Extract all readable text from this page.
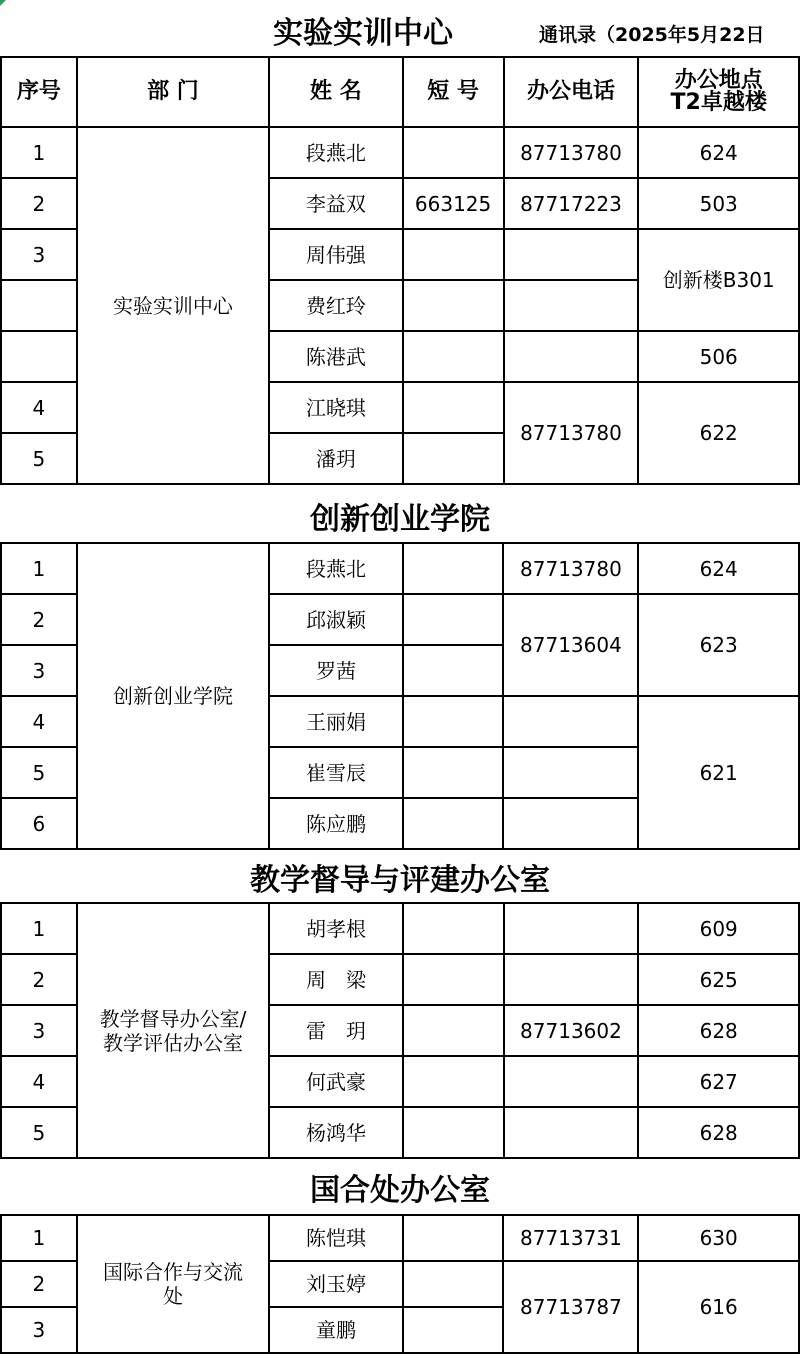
实验实训中心	通讯录（2025年5月22日
序号	部 门	姓 名	短 号	办公电话	办公地点
T2卓越楼

1	实验实训中心	段燕北		87713780	624
2		李益双	663125	87717223	503
3		周伟强			创新楼B301
		费红玲			
		陈港武			506
4		江晓琪		87713780	622
5		潘玥			
创新创业学院
1	创新创业学院	段燕北		87713780	624
2		邱淑颖		87713604	623
3		罗茜			
4		王丽娟			621
5		崔雪辰			
6		陈应鹏			
教学督导与评建办公室
1	教学督导办公室/
教学评估办公室	胡孝根			609
2		周　梁			625
3		雷　玥		87713602	628
4		何武豪			627
5		杨鸿华			628
国合处办公室
1	国际合作与交流
处	陈恺琪		87713731	630
2		刘玉婷		87713787	616
3		童鹏			
